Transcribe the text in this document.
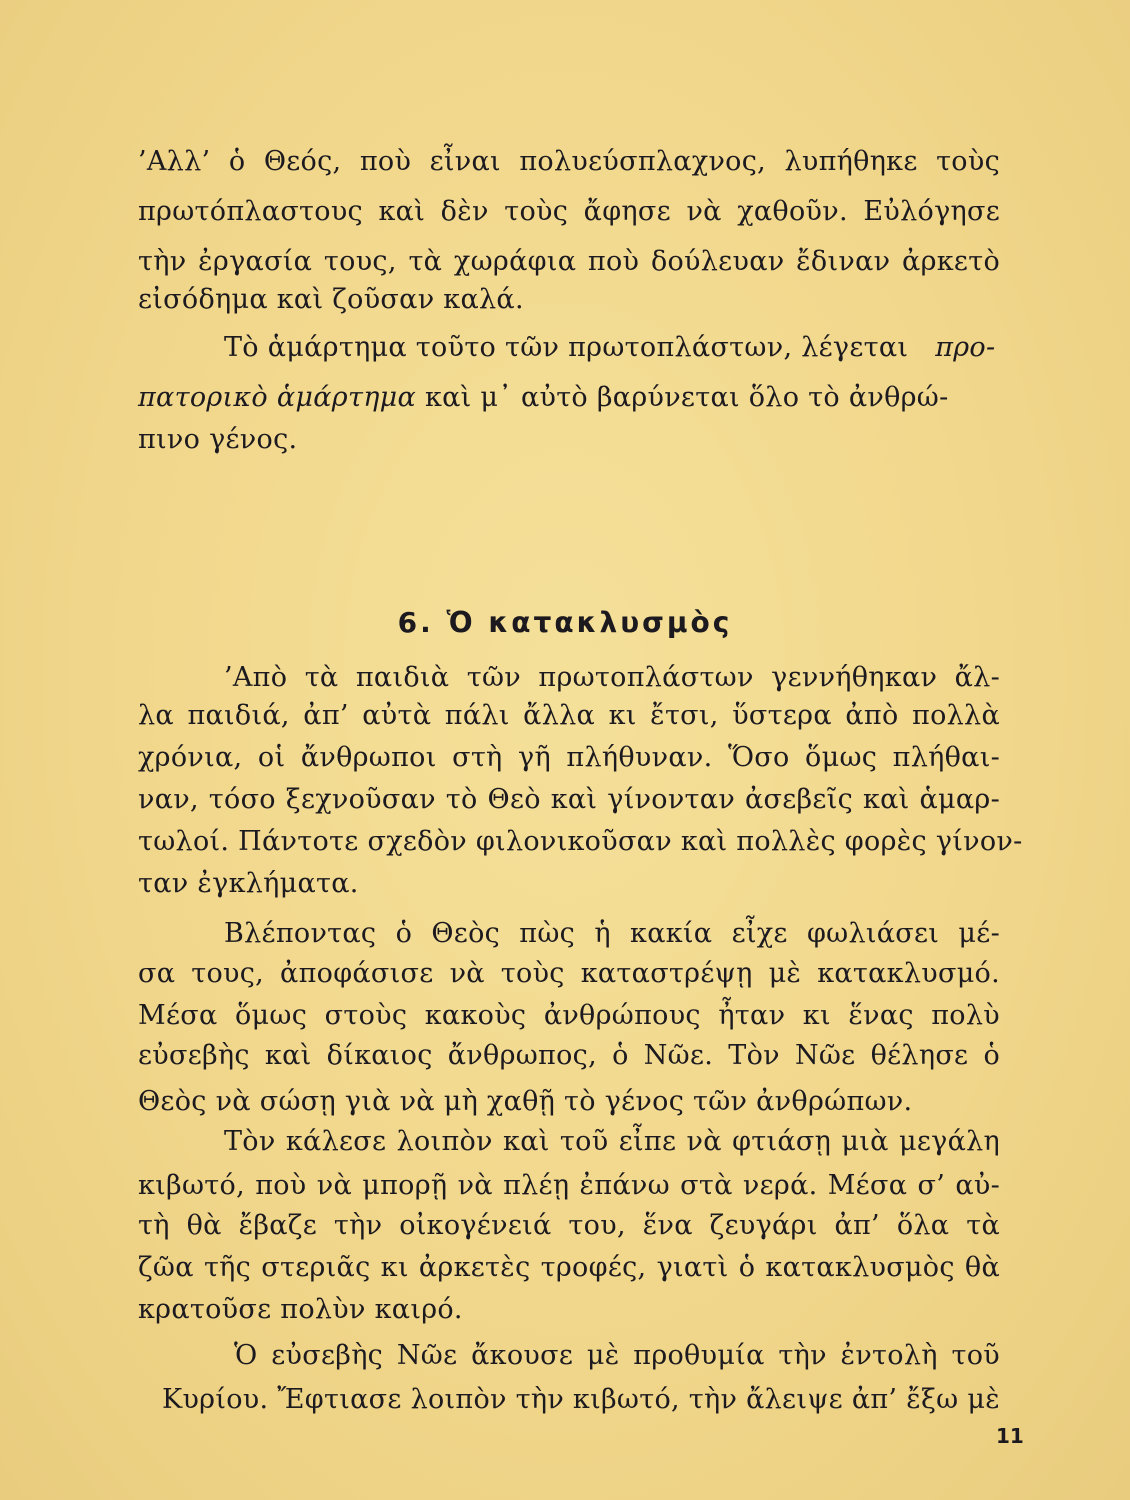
’Αλλ’ ὁ Θεός, ποὺ εἶναι πολυεύσπλαχνος, λυπήθηκε τοὺς
πρωτόπλαστους καὶ δὲν τοὺς ἄφησε νὰ χαθοῦν. Εὐλόγησε
τὴν ἐργασία τους, τὰ χωράφια ποὺ δούλευαν ἔδιναν ἀρκετὸ
εἰσόδημα καὶ ζοῦσαν καλά.
Τὸ ἁμάρτημα τοῦτο τῶν πρωτοπλάστων, λέγεται προ-
πατορικὸ ἁμάρτημα καὶ μ᾿ αὐτὸ βαρύνεται ὅλο τὸ ἀνθρώ-
πινο γένος.
6. Ὁ κατακλυσμὸς
’Απὸ τὰ παιδιὰ τῶν πρωτοπλάστων γεννήθηκαν ἄλ-
λα παιδιά, ἀπ’ αὐτὰ πάλι ἄλλα κι ἔτσι, ὕστερα ἀπὸ πολλὰ
χρόνια, οἱ ἄνθρωποι στὴ γῆ πλήθυναν. Ὅσο ὅμως πλήθαι-
ναν, τόσο ξεχνοῦσαν τὸ Θεὸ καὶ γίνονταν ἀσεβεῖς καὶ ἁμαρ-
τωλοί. Πάντοτε σχεδὸν φιλονικοῦσαν καὶ πολλὲς φορὲς γίνον-
ταν ἐγκλήματα.
Βλέποντας ὁ Θεὸς πὼς ἡ κακία εἶχε φωλιάσει μέ-
σα τους, ἀποφάσισε νὰ τοὺς καταστρέψῃ μὲ κατακλυσμό.
Μέσα ὅμως στοὺς κακοὺς ἀνθρώπους ἦταν κι ἕνας πολὺ
εὐσεβὴς καὶ δίκαιος ἄνθρωπος, ὁ Νῶε. Τὸν Νῶε θέλησε ὁ
Θεὸς νὰ σώσῃ γιὰ νὰ μὴ χαθῇ τὸ γένος τῶν ἀνθρώπων.
Τὸν κάλεσε λοιπὸν καὶ τοῦ εἶπε νὰ φτιάσῃ μιὰ μεγάλη
κιβωτό, ποὺ νὰ μπορῇ νὰ πλέῃ ἐπάνω στὰ νερά. Μέσα σ’ αὐ-
τὴ θὰ ἔβαζε τὴν οἰκογένειά του, ἕνα ζευγάρι ἀπ’ ὅλα τὰ
ζῶα τῆς στεριᾶς κι ἀρκετὲς τροφές, γιατὶ ὁ κατακλυσμὸς θὰ
κρατοῦσε πολὺν καιρό.
Ὁ εὐσεβὴς Νῶε ἄκουσε μὲ προθυμία τὴν ἐντολὴ τοῦ
Κυρίου. Ἔφτιασε λοιπὸν τὴν κιβωτό, τὴν ἄλειψε ἀπ’ ἔξω μὲ
11
